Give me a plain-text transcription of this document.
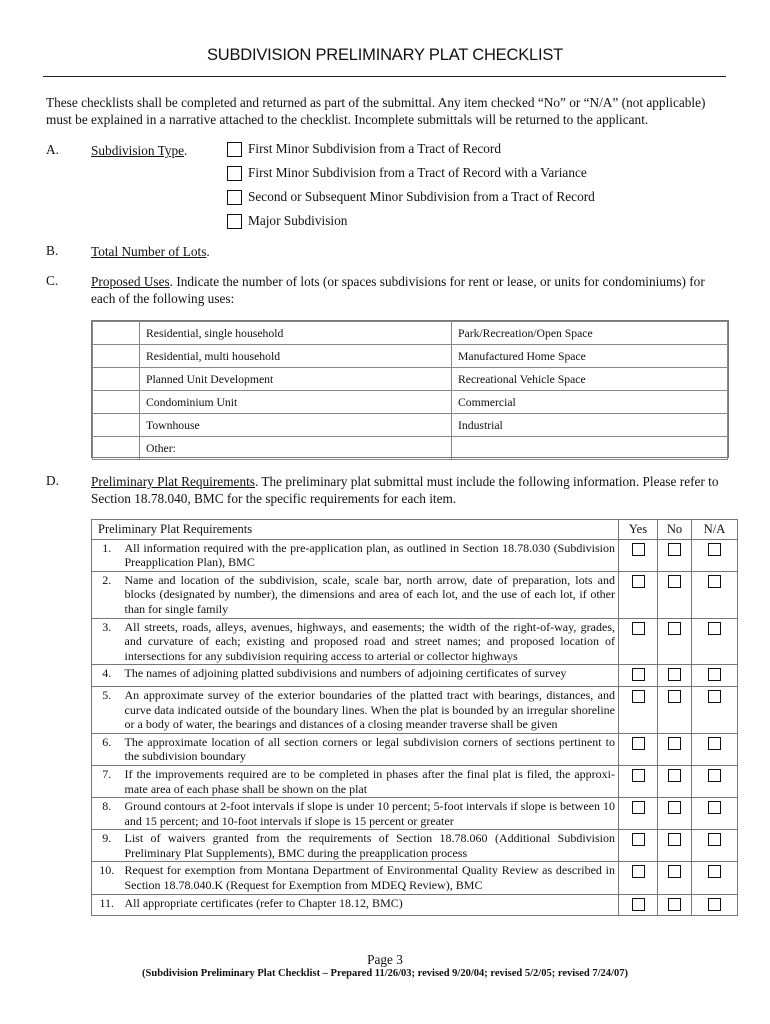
SUBDIVISION PRELIMINARY PLAT CHECKLIST
These checklists shall be completed and returned as part of the submittal. Any item checked “No” or “N/A” (not applicable) must be explained in a narrative attached to the checklist. Incomplete submittals will be returned to the applicant.
A. Subdivision Type.	First Minor Subdivision from a Tract of Record
First Minor Subdivision from a Tract of Record with a Variance
Second or Subsequent Minor Subdivision from a Tract of Record
Major Subdivision
B. Total Number of Lots.
C. Proposed Uses. Indicate the number of lots (or spaces subdivisions for rent or lease, or units for condominiums) for each of the following uses:
	Residential, single household	Park/Recreation/Open Space
	Residential, multi household	Manufactured Home Space
	Planned Unit Development	Recreational Vehicle Space
	Condominium Unit	Commercial
	Townhouse	Industrial
	Other:	
D. Preliminary Plat Requirements. The preliminary plat submittal must include the following information. Please refer to Section 18.78.040, BMC for the specific requirements for each item.
Preliminary Plat Requirements		Yes	No	N/A
1.	All information required with the pre-application plan, as outlined in Section 18.78.030 (Subdivision Preapplication Plan), BMC			
2.	Name and location of the subdivision, scale, scale bar, north arrow, date of preparation, lots and blocks (designated by number), the dimensions and area of each lot, and the use of each lot, if other than for single family			
3.	All streets, roads, alleys, avenues, highways, and easements; the width of the right-of-way, grades, and curvature of each; existing and proposed road and street names; and proposed location of intersections for any subdivision requiring access to arterial or collector highways			
4.	The names of adjoining platted subdivisions and numbers of adjoining certificates of survey			
5.	An approximate survey of the exterior boundaries of the platted tract with bearings, distances, and curve data indicated outside of the boundary lines. When the plat is bounded by an irregular shoreline or a body of water, the bearings and distances of a closing meander traverse shall be given			
6.	The approximate location of all section corners or legal subdivision corners of sections pertinent to the subdivision boundary			
7.	If the improvements required are to be completed in phases after the final plat is filed, the approxi-mate area of each phase shall be shown on the plat			
8.	Ground contours at 2-foot intervals if slope is under 10 percent; 5-foot intervals if slope is between 10 and 15 percent; and 10-foot intervals if slope is 15 percent or greater			
9.	List of waivers granted from the requirements of Section 18.78.060 (Additional Subdivision Preliminary Plat Supplements), BMC during the preapplication process			
10.	Request for exemption from Montana Department of Environmental Quality Review as described in Section 18.78.040.K (Request for Exemption from MDEQ Review), BMC			
11.	All appropriate certificates (refer to Chapter 18.12, BMC)			
Page 3
(Subdivision Preliminary Plat Checklist – Prepared 11/26/03; revised 9/20/04; revised 5/2/05; revised 7/24/07)
